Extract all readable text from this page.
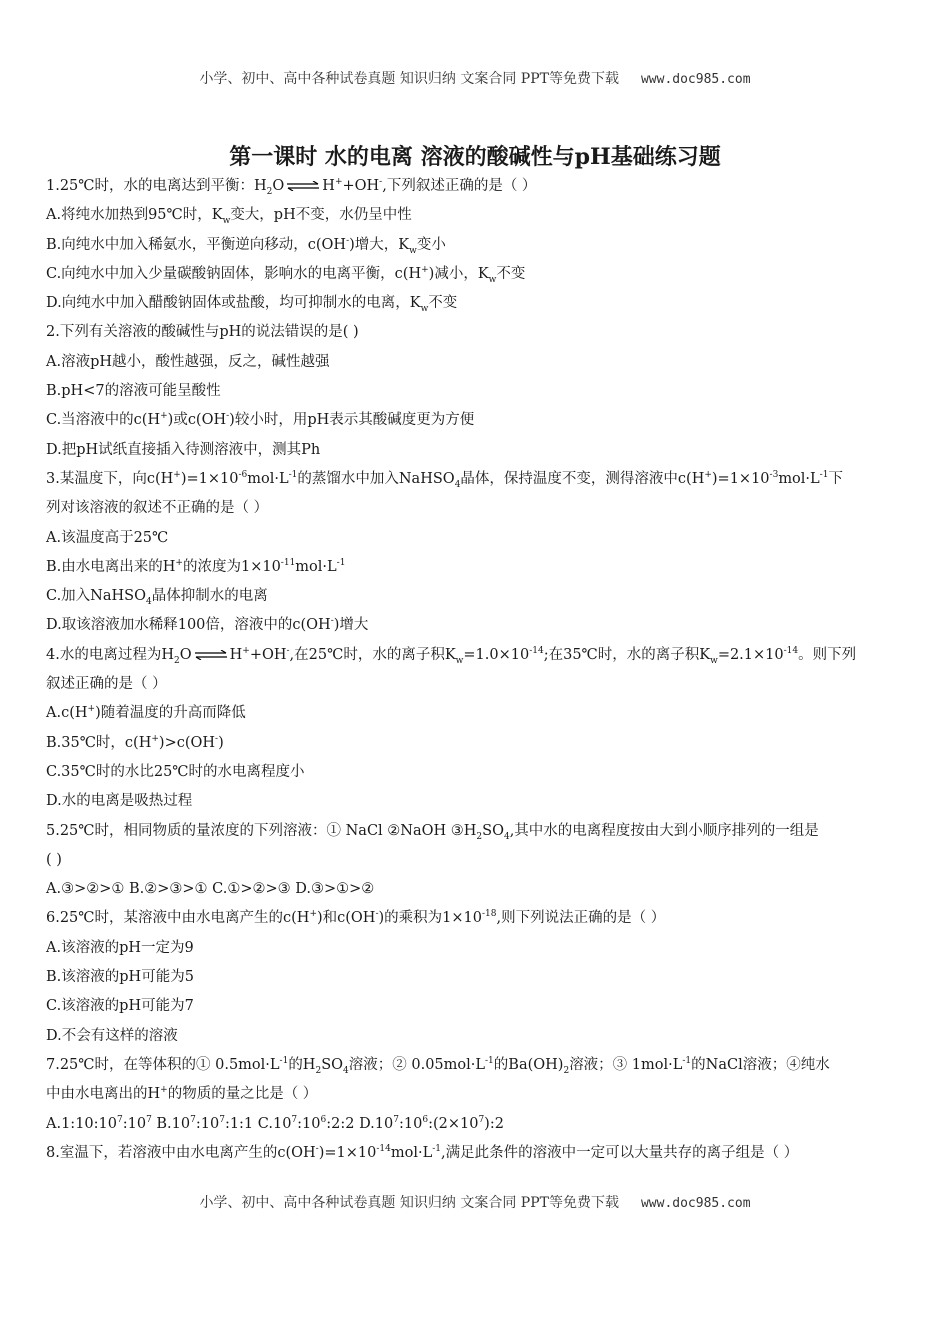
小学、初中、高中各种试卷真题 知识归纳 文案合同 PPT等免费下载 www.doc985.com
第一课时 水的电离 溶液的酸碱性与pH基础练习题
1.25℃时，水的电离达到平衡：$H_2O$ ⇌ H++OH-,下列叙述正确的是（ ）
A.将纯水加热到95℃时，$K_w$变大，pH不变，水仍呈中性
B.向纯水中加入稀氨水，平衡逆向移动，c(OH-)增大，$K_w$变小
C.向纯水中加入少量碳酸钠固体，影响水的电离平衡，c(H+)减小，$K_w$不变
D.向纯水中加入醋酸钠固体或盐酸，均可抑制水的电离，$K_w$不变
2.下列有关溶液的酸碱性与pH的说法错误的是( )
A.溶液pH越小，酸性越强，反之，碱性越强
B.pH<7的溶液可能呈酸性
C.当溶液中的c(H+)或c(OH-)较小时，用pH表示其酸碱度更为方便
D.把pH试纸直接插入待测溶液中，测其Ph
3.某温度下，向$c(H^+)=1\times 10^{-6}mol\cdot L^{-1}$的蒸馏水中加入NaHSO$_4$晶体，保持温度不变，测得溶液中$c(H^+)=1\times 10^{-3}mol\cdot L^{-1}$下
列对该溶液的叙述不正确的是（ ）
A.该温度高于25℃
B.由水电离出来的H+的浓度为$1\times 10^{-11}mol\cdot L^{-1}$
C.加入NaHSO$_4$晶体抑制水的电离
D.取该溶液加水稀释100倍，溶液中的c(OH-)增大
4.水的电离过程为$H_2O$ ⇌ H++OH-,在25℃时，水的离子积$K_w=1.0\times 10^{-14}$;在35℃时，水的离子积$K_w=2.1\times 10^{-14}$。则下列
叙述正确的是（ ）
A.c(H+)随着温度的升高而降低
B.35℃时，c(H+)>c(OH-)
C.35℃时的水比25℃时的水电离程度小
D.水的电离是吸热过程
5.25℃时，相同物质的量浓度的下列溶液：① NaCl ②NaOH $③H_2SO_4$,其中水的电离程度按由大到小顺序排列的一组是
( )
A.③>②>① B.②>③>① C.①>②>③ D.③>①>②
6.25℃时，某溶液中由水电离产生的c(H+)和c(OH-)的乘积为$1\times 10^{-18}$,则下列说法正确的是（ ）
A.该溶液的pH一定为9
B.该溶液的pH可能为5
C.该溶液的pH可能为7
D.不会有这样的溶液
7.25℃时，在等体积的① $0.5mol\cdot L^{-1}$的$H_2SO_4$溶液；② $0.05mol\cdot L^{-1}$的$Ba(OH)_2$溶液；③ $1mol\cdot L^{-1}$的NaCl溶液；④纯水
中由水电离出的H+的物质的量之比是（ ）
$A.1:10:10^7:10^7$ $B.10^7:10^7:1:1$ $C.10^7:10^6:2:2$ $D.10^7:10^6:(2\times 10^7):2$
8.室温下，若溶液中由水电离产生的$c(OH^-)=1\times 10^{-14}mol\cdot L^{-1}$,满足此条件的溶液中一定可以大量共存的离子组是（ ）
小学、初中、高中各种试卷真题 知识归纳 文案合同 PPT等免费下载 www.doc985.com
